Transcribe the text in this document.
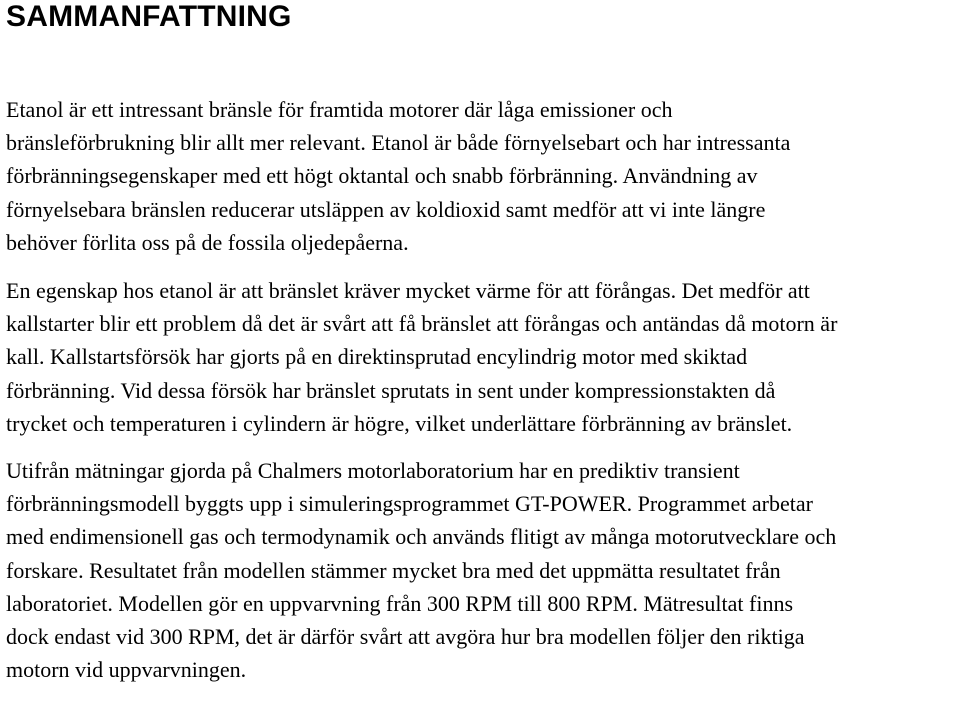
SAMMANFATTNING

Etanol är ett intressant bränsle för framtida motorer där låga emissioner och
bränsleförbrukning blir allt mer relevant. Etanol är både förnyelsebart och har intressanta
förbränningsegenskaper med ett högt oktantal och snabb förbränning. Användning av
förnyelsebara bränslen reducerar utsläppen av koldioxid samt medför att vi inte längre
behöver förlita oss på de fossila oljedepåerna.

En egenskap hos etanol är att bränslet kräver mycket värme för att förångas. Det medför att
kallstarter blir ett problem då det är svårt att få bränslet att förångas och antändas då motorn är
kall. Kallstartsförsök har gjorts på en direktinsprutad encylindrig motor med skiktad
förbränning. Vid dessa försök har bränslet sprutats in sent under kompressionstakten då
trycket och temperaturen i cylindern är högre, vilket underlättare förbränning av bränslet.

Utifrån mätningar gjorda på Chalmers motorlaboratorium har en prediktiv transient
förbränningsmodell byggts upp i simuleringsprogrammet GT-POWER. Programmet arbetar
med endimensionell gas och termodynamik och används flitigt av många motorutvecklare och
forskare. Resultatet från modellen stämmer mycket bra med det uppmätta resultatet från
laboratoriet. Modellen gör en uppvarvning från 300 RPM till 800 RPM. Mätresultat finns
dock endast vid 300 RPM, det är därför svårt att avgöra hur bra modellen följer den riktiga
motorn vid uppvarvningen.
